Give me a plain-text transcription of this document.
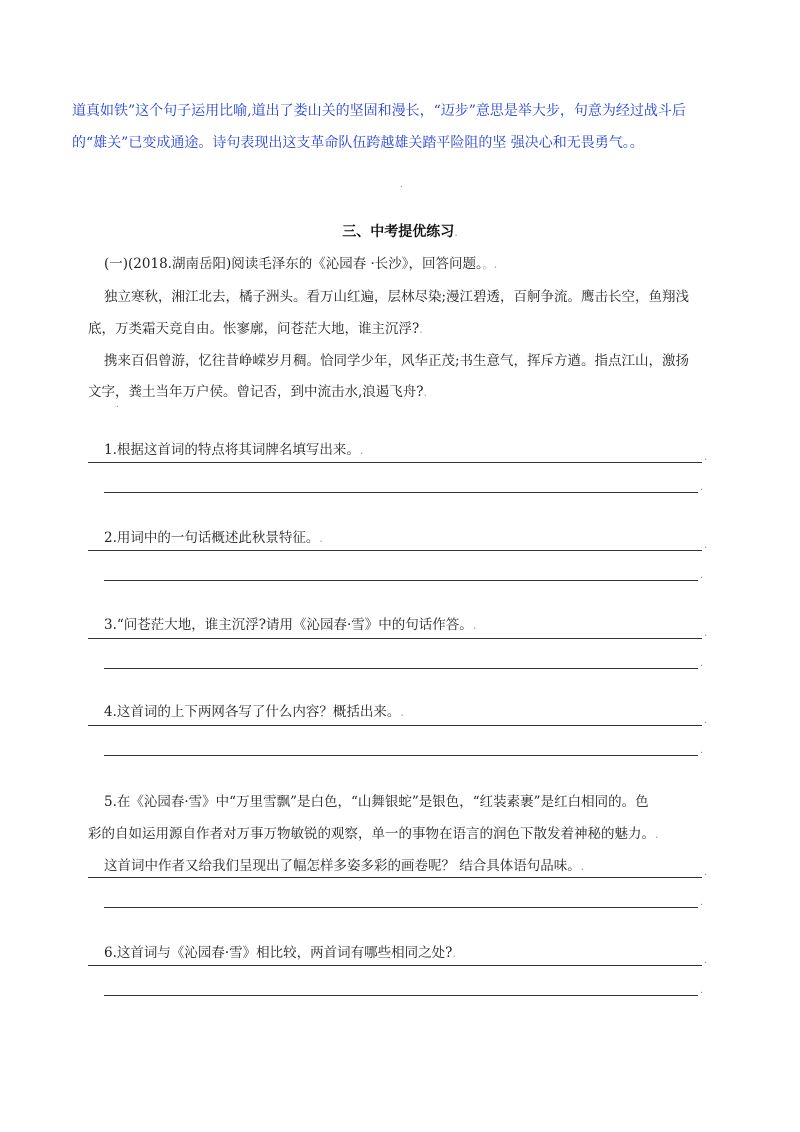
道真如铁”这个句子运用比喻,道出了娄山关的坚固和漫长，“迈步”意思是举大步，句意为经过战斗后
的“雄关”已变成通途。诗句表现出这支革命队伍跨越雄关踏平险阻的坚 强决心和无畏勇气。。
.
三、中考提优练习.
(一)(2018.湖南岳阳)阅读毛泽东的《沁园春 ·长沙》，回答问题。。.
独立寒秋，湘江北去，橘子洲头。看万山红遍，层林尽染;漫江碧透，百舸争流。鹰击长空，鱼翔浅
底，万类霜天竞自由。怅寥廓，问苍茫大地，谁主沉浮?.
携来百侣曾游，忆往昔峥嵘岁月稠。恰同学少年，风华正茂;书生意气，挥斥方遒。指点江山，激扬
文字，粪土当年万户侯。曾记否，到中流击水,浪遏飞舟?.
.
1.根据这首词的特点将其词牌名填写出来。.
.
.
2.用词中的一句话概述此秋景特征。.
.
.
3.“问苍茫大地，谁主沉浮?请用《沁园春·雪》中的句话作答。.
.
.
4.这首词的上下两网各写了什么内容？概括出来。.
.
.
5.在《沁园春·雪》中“万里雪飘”是白色，“山舞银蛇”是银色，“红装素裹”是红白相同的。色
彩的自如运用源自作者对万事万物敏锐的观察，单一的事物在语言的润色下散发着神秘的魅力。.
这首词中作者又给我们呈现出了幅怎样多姿多彩的画卷呢？ 结合具体语句品味。.	.
.
6.这首词与《沁园春·雪》相比较，两首词有哪些相同之处?.
.
.
